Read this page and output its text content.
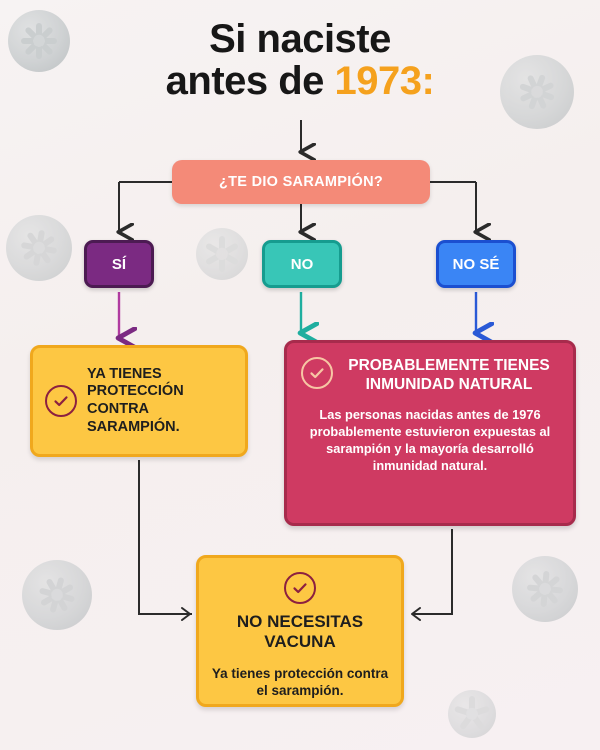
Si naciste
antes de 1973:
¿TE DIO SARAMPIÓN?
SÍ	NO	NO SÉ
YA TIENES PROTECCIÓN CONTRA SARAMPIÓN.
PROBABLEMENTE TIENES INMUNIDAD NATURAL

Las personas nacidas antes de 1976 probablemente estuvieron expuestas al sarampión y la mayoría desarrolló inmunidad natural.

NO NECESITAS VACUNA

Ya tienes protección contra el sarampión.
